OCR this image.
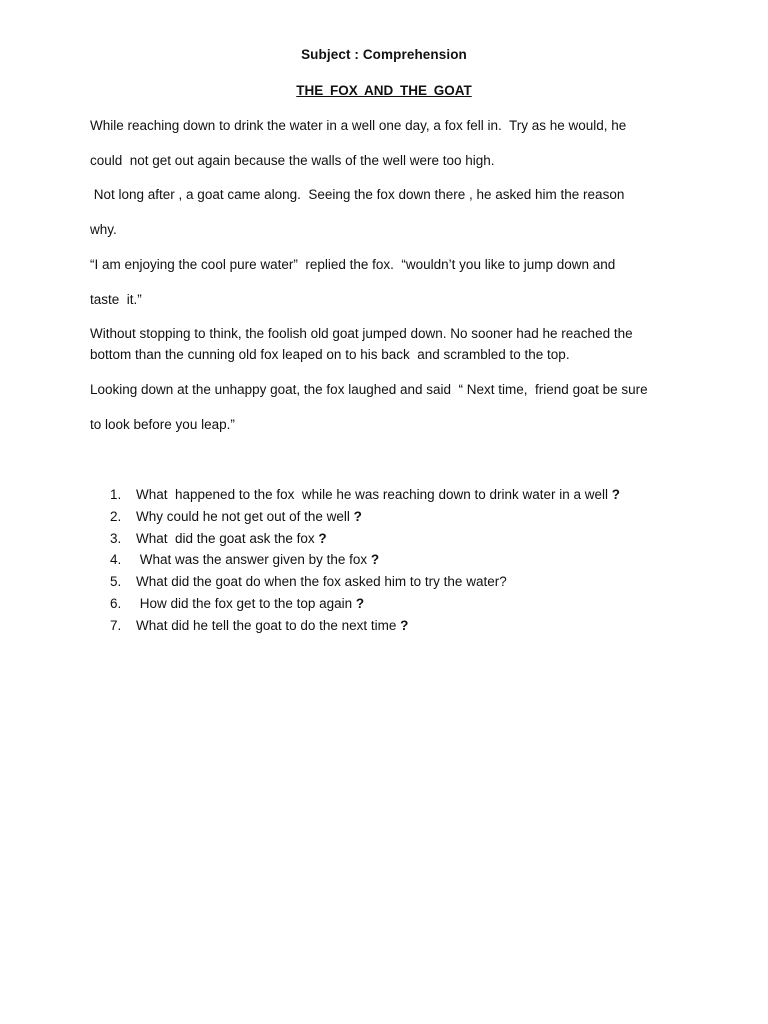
Subject : Comprehension
THE FOX AND THE GOAT
While reaching down to drink the water in a well one day, a fox fell in.  Try as he would, he
could  not get out again because the walls of the well were too high.
Not long after , a goat came along.  Seeing the fox down there , he asked him the reason
why.
“I am enjoying the cool pure water”  replied the fox.  “wouldn’t you like to jump down and
taste  it.”
Without stopping to think, the foolish old goat jumped down. No sooner had he reached the
bottom than the cunning old fox leaped on to his back  and scrambled to the top.
Looking down at the unhappy goat, the fox laughed and said  “ Next time,  friend goat be sure
to look before you leap.”
1. What  happened to the fox  while he was reaching down to drink water in a well ?
2. Why could he not get out of the well ?
3. What  did the goat ask the fox ?
4. What was the answer given by the fox ?
5. What did the goat do when the fox asked him to try the water?
6. How did the fox get to the top again ?
7. What did he tell the goat to do the next time ?
